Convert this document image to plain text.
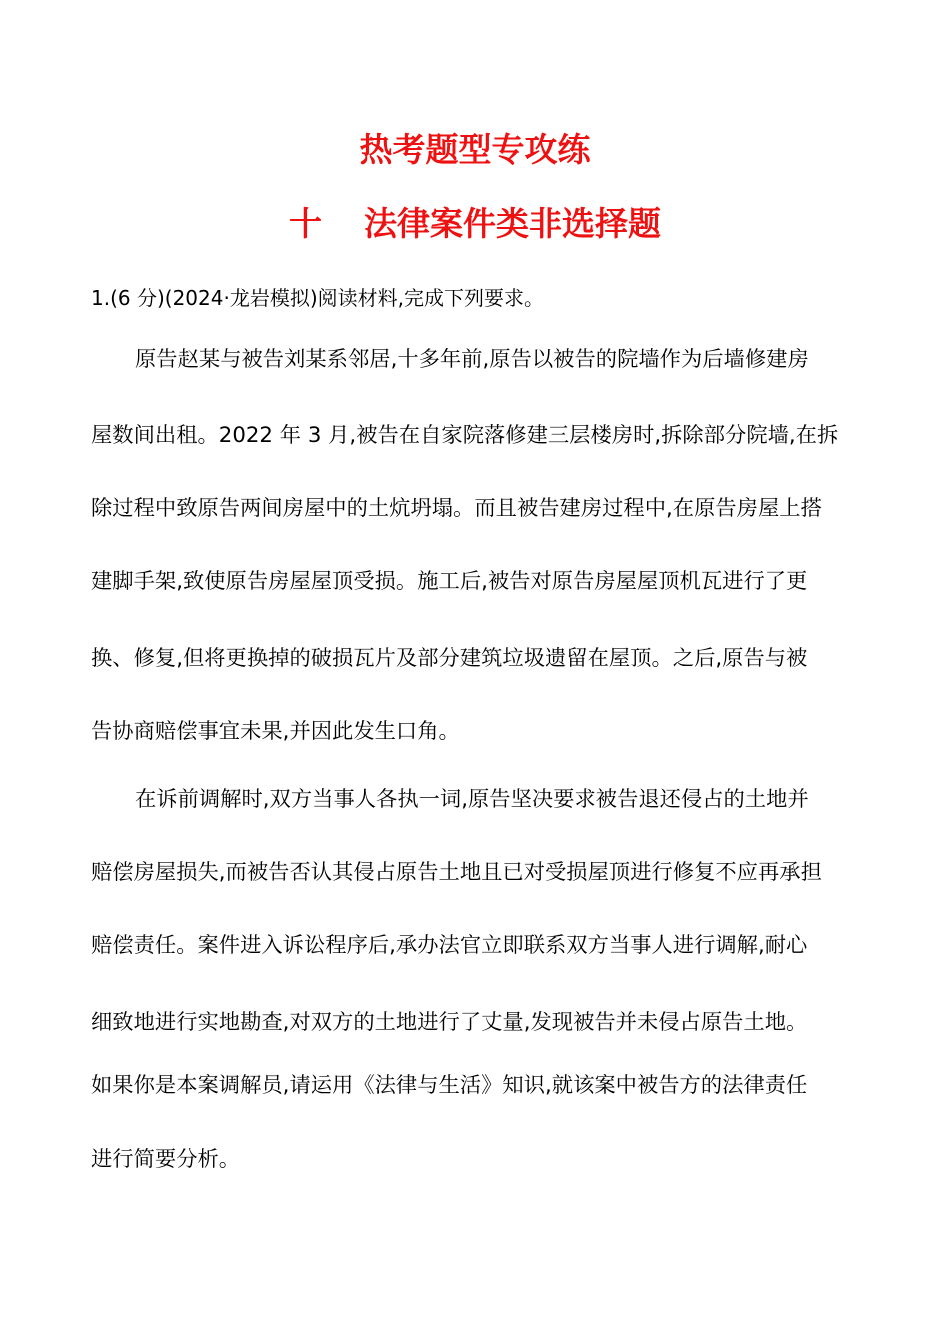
热考题型专攻练
十 法律案件类非选择题
1.(6 分)(2024·龙岩模拟)阅读材料,完成下列要求。
原告赵某与被告刘某系邻居,十多年前,原告以被告的院墙作为后墙修建房
屋数间出租。2022 年 3 月,被告在自家院落修建三层楼房时,拆除部分院墙,在拆
除过程中致原告两间房屋中的土炕坍塌。而且被告建房过程中,在原告房屋上搭
建脚手架,致使原告房屋屋顶受损。施工后,被告对原告房屋屋顶机瓦进行了更
换、修复,但将更换掉的破损瓦片及部分建筑垃圾遗留在屋顶。之后,原告与被
告协商赔偿事宜未果,并因此发生口角。
在诉前调解时,双方当事人各执一词,原告坚决要求被告退还侵占的土地并
赔偿房屋损失,而被告否认其侵占原告土地且已对受损屋顶进行修复不应再承担
赔偿责任。案件进入诉讼程序后,承办法官立即联系双方当事人进行调解,耐心
细致地进行实地勘查,对双方的土地进行了丈量,发现被告并未侵占原告土地。
如果你是本案调解员,请运用《法律与生活》知识,就该案中被告方的法律责任
进行简要分析。
